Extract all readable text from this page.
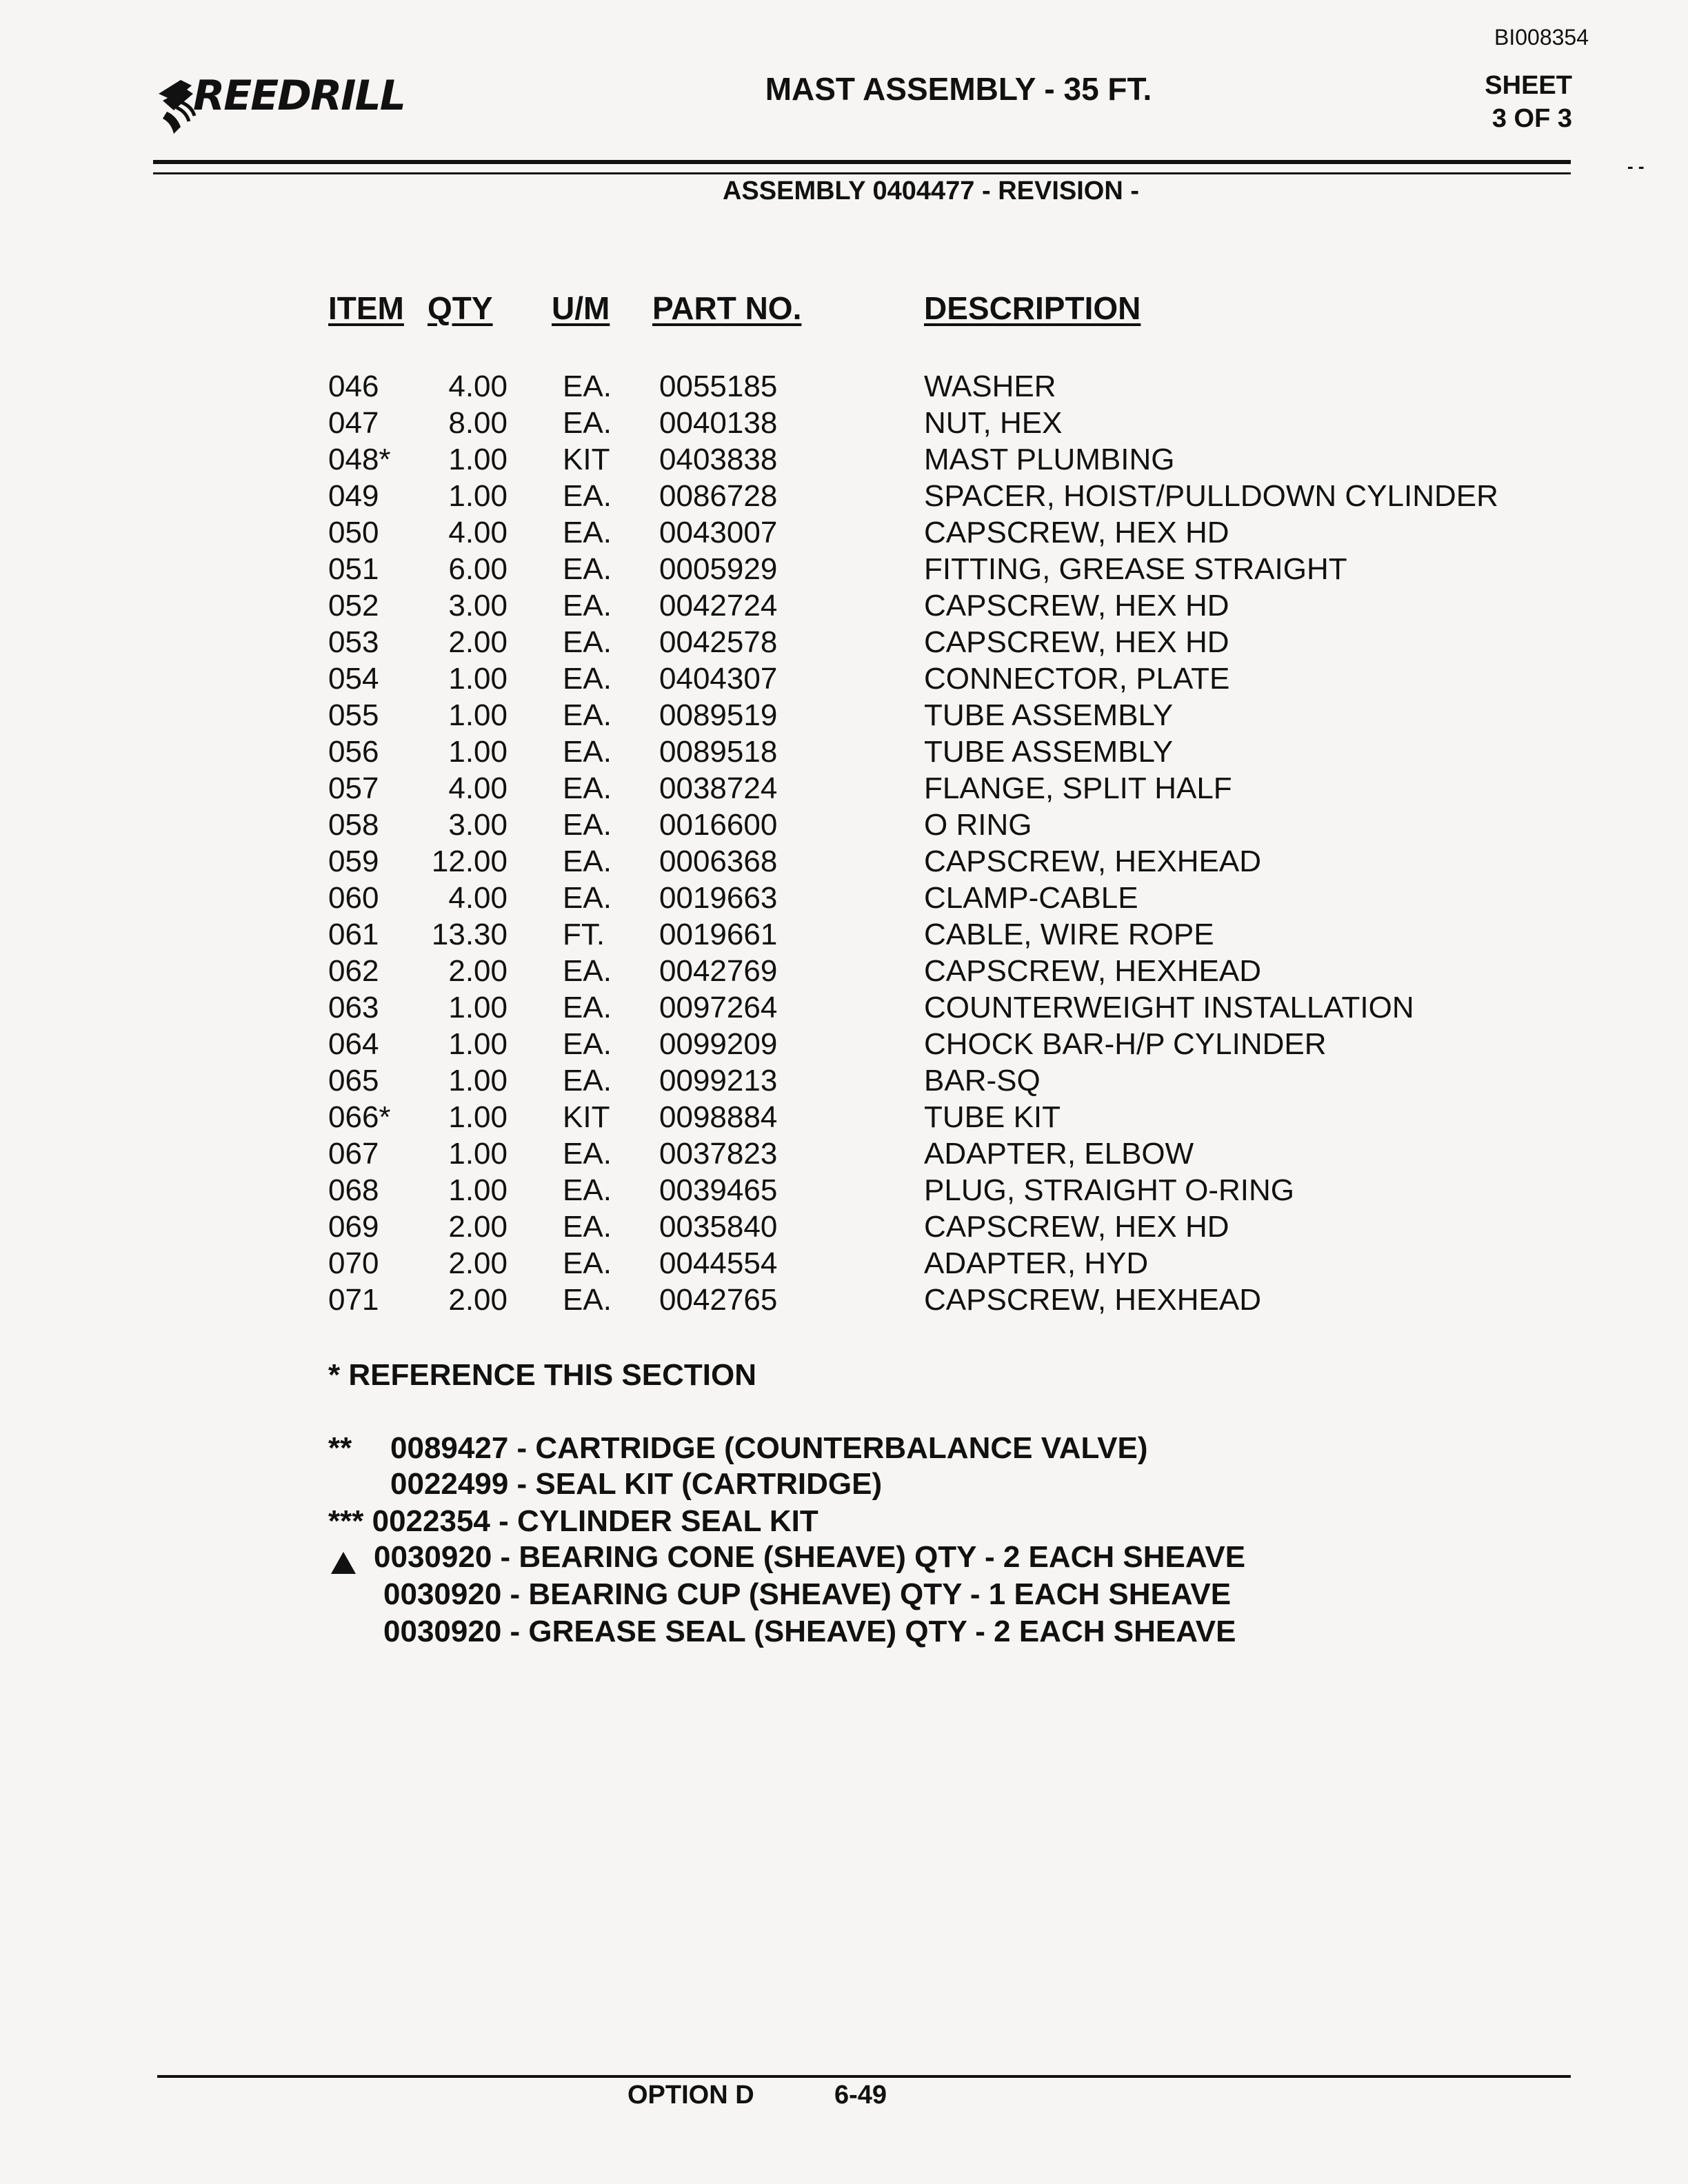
BI008354
REEDRILL	MAST ASSEMBLY - 35 FT.	SHEET
3 OF 3
- -
ASSEMBLY 0404477 - REVISION -
ITEM QTY U/M PART NO.	DESCRIPTION
046	4.00 EA. 0055185	WASHER
047	8.00 EA. 0040138	NUT, HEX
048*	1.00 KIT 0403838	MAST PLUMBING
049	1.00 EA. 0086728	SPACER, HOIST/PULLDOWN CYLINDER
050	4.00 EA. 0043007	CAPSCREW, HEX HD
051	6.00 EA. 0005929	FITTING, GREASE STRAIGHT
052	3.00 EA. 0042724	CAPSCREW, HEX HD
053	2.00 EA. 0042578	CAPSCREW, HEX HD
054	1.00 EA. 0404307	CONNECTOR, PLATE
055	1.00 EA. 0089519	TUBE ASSEMBLY
056	1.00 EA. 0089518	TUBE ASSEMBLY
057	4.00 EA. 0038724	FLANGE, SPLIT HALF
058	3.00 EA. 0016600	O RING
059	12.00 EA. 0006368	CAPSCREW, HEXHEAD
060	4.00 EA. 0019663	CLAMP-CABLE
061	13.30 FT. 0019661	CABLE, WIRE ROPE
062	2.00 EA. 0042769	CAPSCREW, HEXHEAD
063	1.00 EA. 0097264	COUNTERWEIGHT INSTALLATION
064	1.00 EA. 0099209	CHOCK BAR-H/P CYLINDER
065	1.00 EA. 0099213	BAR-SQ
066*	1.00 KIT 0098884	TUBE KIT
067	1.00 EA. 0037823	ADAPTER, ELBOW
068	1.00 EA. 0039465	PLUG, STRAIGHT O-RING
069	2.00 EA. 0035840	CAPSCREW, HEX HD
070	2.00 EA. 0044554	ADAPTER, HYD
071	2.00 EA. 0042765	CAPSCREW, HEXHEAD
* REFERENCE THIS SECTION
** 0089427 - CARTRIDGE (COUNTERBALANCE VALVE)
0022499 - SEAL KIT (CARTRIDGE)
*** 0022354 - CYLINDER SEAL KIT
0030920 - BEARING CONE (SHEAVE) QTY - 2 EACH SHEAVE
0030920 - BEARING CUP (SHEAVE) QTY - 1 EACH SHEAVE
0030920 - GREASE SEAL (SHEAVE) QTY - 2 EACH SHEAVE
OPTION D	6-49
